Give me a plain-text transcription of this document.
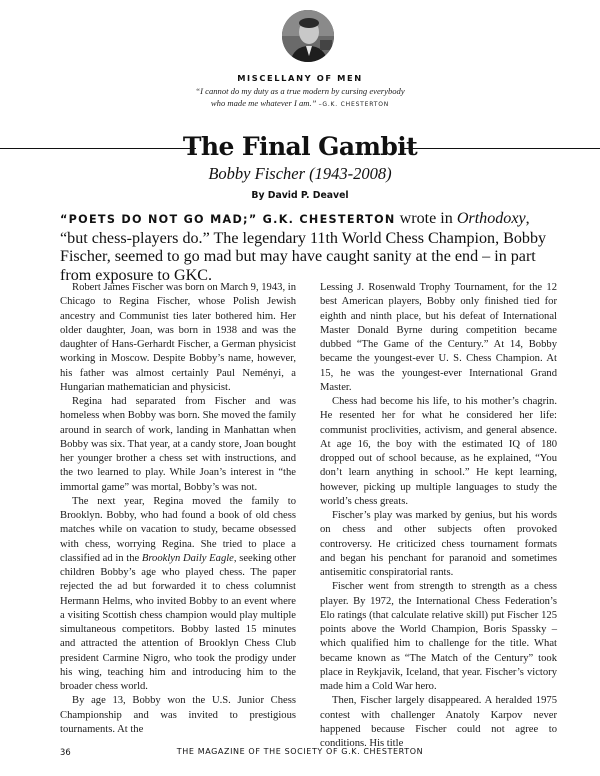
MISCELLANY OF MEN
“I cannot do my duty as a true modern by cursing everybody
who made me whatever I am.” –G.K. CHESTERTON
The Final Gambit
Bobby Fischer (1943-2008)
By David P. Deavel
“POETS DO NOT GO MAD;” G.K. CHESTERTON wrote in Orthodoxy, “but chess-players do.” The legendary 11th World Chess Champion, Bobby Fischer, seemed to go mad but may have caught sanity at the end – in part from exposure to GKC.

Robert James Fischer was born on March 9, 1943, in Chicago to Regina Fischer, whose Polish Jewish ancestry and Communist ties later bothered him. Her older daughter, Joan, was born in 1938 and was the daughter of Hans-Gerhardt Fischer, a German physicist working in Moscow. Despite Bobby’s name, however, his father was almost certainly Paul Neményi, a Hungarian mathematician and physicist.

Regina had separated from Fischer and was homeless when Bobby was born. She moved the family around in search of work, landing in Manhattan when Bobby was six. That year, at a candy store, Joan bought her younger brother a chess set with instructions, and the two learned to play. While Joan’s interest in “the immortal game” was mortal, Bobby’s was not.

The next year, Regina moved the family to Brooklyn. Bobby, who had found a book of old chess matches while on vacation to study, became obsessed with chess, worrying Regina. She tried to place a classified ad in the Brooklyn Daily Eagle, seeking other children Bobby’s age who played chess. The paper rejected the ad but forwarded it to chess columnist Hermann Helms, who invited Bobby to an event where a visiting Scottish chess champion would play multiple simultaneous competitors. Bobby lasted 15 minutes and attracted the attention of Brooklyn Chess Club president Carmine Nigro, who took the prodigy under his wing, teaching him and introducing him to the broader chess world.

By age 13, Bobby won the U.S. Junior Chess Championship and was invited to prestigious tournaments. At the

Lessing J. Rosenwald Trophy Tournament, for the 12 best American players, Bobby only finished tied for eighth and ninth place, but his defeat of International Master Donald Byrne during competition became dubbed “The Game of the Century.” At 14, Bobby became the youngest-ever U. S. Chess Champion. At 15, he was the youngest-ever International Grand Master.

Chess had become his life, to his mother’s chagrin. He resented her for what he considered her life: communist proclivities, activism, and general absence. At age 16, the boy with the estimated IQ of 180 dropped out of school because, as he explained, “You don’t learn anything in school.” He kept learning, however, picking up multiple languages to study the world’s chess greats.

Fischer’s play was marked by genius, but his words on chess and other subjects often provoked controversy. He criticized chess tournament formats and began his penchant for paranoid and sometimes antisemitic conspiratorial rants.

Fischer went from strength to strength as a chess player. By 1972, the International Chess Federation’s Elo ratings (that calculate relative skill) put Fischer 125 points above the World Champion, Boris Spassky – which qualified him to challenge for the title. What became known as “The Match of the Century” took place in Reykjavik, Iceland, that year. Fischer’s victory made him a Cold War hero.

Then, Fischer largely disappeared. A heralded 1975 contest with challenger Anatoly Karpov never happened because Fischer could not agree to conditions. His title

36	THE MAGAZINE OF THE SOCIETY OF G.K. CHESTERTON
